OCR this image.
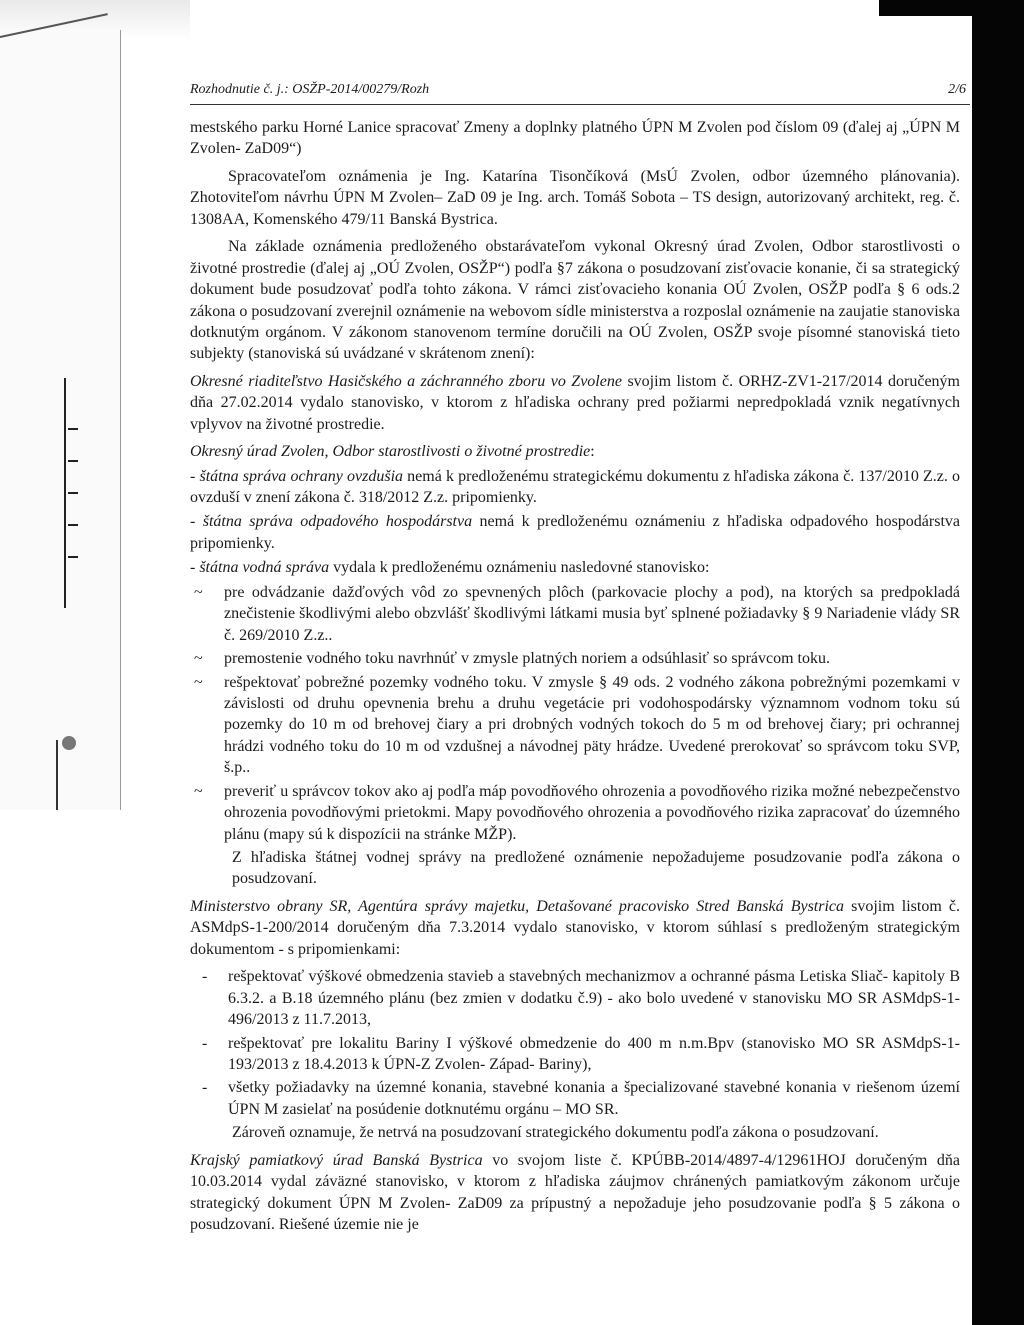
Rozhodnutie č. j.: OSŽP-2014/00279/Rozh	2/6

mestského parku Horné Lanice spracovať Zmeny a doplnky platného ÚPN M Zvolen pod číslom 09 (ďalej aj „ÚPN M Zvolen- ZaD09“)

Spracovateľom oznámenia je Ing. Katarína Tisončíková (MsÚ Zvolen, odbor územného plánovania). Zhotoviteľom návrhu ÚPN M Zvolen– ZaD 09 je Ing. arch. Tomáš Sobota – TS design, autorizovaný architekt, reg. č. 1308AA, Komenského 479/11 Banská Bystrica.

Na základe oznámenia predloženého obstarávateľom vykonal Okresný úrad Zvolen, Odbor starostlivosti o životné prostredie (ďalej aj „OÚ Zvolen, OSŽP“) podľa §7 zákona o posudzovaní zisťovacie konanie, či sa strategický dokument bude posudzovať podľa tohto zákona. V rámci zisťovacieho konania OÚ Zvolen, OSŽP podľa § 6 ods.2 zákona o posudzovaní zverejnil oznámenie na webovom sídle ministerstva a rozposlal oznámenie na zaujatie stanoviska dotknutým orgánom. V zákonom stanovenom termíne doručili na OÚ Zvolen, OSŽP svoje písomné stanoviská tieto subjekty (stanoviská sú uvádzané v skrátenom znení):

Okresné riaditeľstvo Hasičského a záchranného zboru vo Zvolene svojim listom č. ORHZ-ZV1-217/2014 doručeným dňa 27.02.2014 vydalo stanovisko, v ktorom z hľadiska ochrany pred požiarmi nepredpokladá vznik negatívnych vplyvov na životné prostredie.

Okresný úrad Zvolen, Odbor starostlivosti o životné prostredie:

- štátna správa ochrany ovzdušia nemá k predloženému strategickému dokumentu z hľadiska zákona č. 137/2010 Z.z. o ovzduší v znení zákona č. 318/2012 Z.z. pripomienky.

- štátna správa odpadového hospodárstva nemá k predloženému oznámeniu z hľadiska odpadového hospodárstva pripomienky.

- štátna vodná správa vydala k predloženému oznámeniu nasledovné stanovisko:

~	pre odvádzanie dažďových vôd zo spevnených plôch (parkovacie plochy a pod), na ktorých sa predpokladá znečistenie škodlivými alebo obzvlášť škodlivými látkami musia byť splnené požiadavky § 9 Nariadenie vlády SR č. 269/2010 Z.z..
~	premostenie vodného toku navrhnúť v zmysle platných noriem a odsúhlasiť so správcom toku.
~	rešpektovať pobrežné pozemky vodného toku. V zmysle § 49 ods. 2 vodného zákona pobrežnými pozemkami v závislosti od druhu opevnenia brehu a druhu vegetácie pri vodohospodársky významnom vodnom toku sú pozemky do 10 m od brehovej čiary a pri drobných vodných tokoch do 5 m od brehovej čiary; pri ochrannej hrádzi vodného toku do 10 m od vzdušnej a návodnej päty hrádze. Uvedené prerokovať so správcom toku SVP, š.p..
~	preveriť u správcov tokov ako aj podľa máp povodňového ohrozenia a povodňového rizika možné nebezpečenstvo ohrozenia povodňovými prietokmi. Mapy povodňového ohrozenia a povodňového rizika zapracovať do územného plánu (mapy sú k dispozícii na stránke MŽP).

Z hľadiska štátnej vodnej správy na predložené oznámenie nepožadujeme posudzovanie podľa zákona o posudzovaní.

Ministerstvo obrany SR, Agentúra správy majetku, Detašované pracovisko Stred Banská Bystrica svojim listom č. ASMdpS-1-200/2014 doručeným dňa 7.3.2014 vydalo stanovisko, v ktorom súhlasí s predloženým strategickým dokumentom - s pripomienkami:

-	rešpektovať výškové obmedzenia stavieb a stavebných mechanizmov a ochranné pásma Letiska Sliač- kapitoly B 6.3.2. a B.18 územného plánu (bez zmien v dodatku č.9) - ako bolo uvedené v stanovisku MO SR ASMdpS-1-496/2013 z 11.7.2013,
-	rešpektovať pre lokalitu Bariny I výškové obmedzenie do 400 m n.m.Bpv (stanovisko MO SR ASMdpS-1-193/2013 z 18.4.2013 k ÚPN-Z Zvolen- Západ- Bariny),
-	všetky požiadavky na územné konania, stavebné konania a špecializované stavebné konania v riešenom území ÚPN M zasielať na posúdenie dotknutému orgánu – MO SR.

Zároveň oznamuje, že netrvá na posudzovaní strategického dokumentu podľa zákona o posudzovaní.

Krajský pamiatkový úrad Banská Bystrica vo svojom liste č. KPÚBB-2014/4897-4/12961HOJ doručeným dňa 10.03.2014 vydal záväzné stanovisko, v ktorom z hľadiska záujmov chránených pamiatkovým zákonom určuje strategický dokument ÚPN M Zvolen- ZaD09 za prípustný a nepožaduje jeho posudzovanie podľa § 5 zákona o posudzovaní. Riešené územie nie je
